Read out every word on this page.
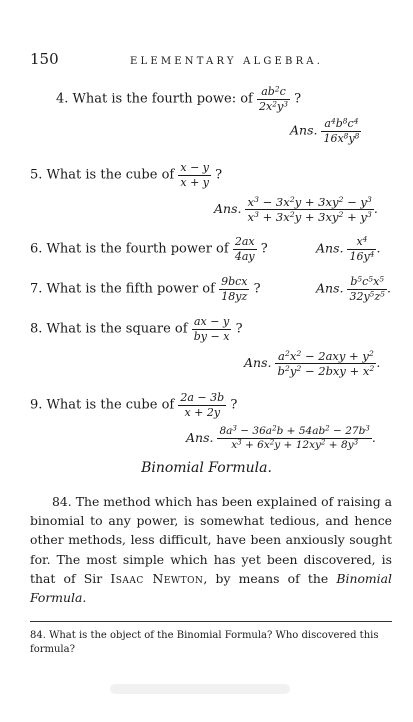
150	ELEMENTARY ALGEBRA.
4. What is the fourth powe: of $\frac{ab^2c}{2x^2y^3}$ ?
Ans. $\frac{a^4b^8c^4}{16x^8y^8}$
5. What is the cube of $\frac{x - y}{x + y}$ ?
Ans. $\frac{x^3 - 3x^2y + 3xy^2 - y^3}{x^3 + 3x^2y + 3xy^2 + y^3}$ .
6. What is the fourth power of $\frac{2ax}{4ay}$ ?	Ans. $\frac{x^4}{16y^4}$ .
7. What is the fifth power of $\frac{\text{9bcx}}{18yz}$ ?	Ans. $\frac{b^5c^5x^5}{32y^5z^5}$ .
8. What is the square of $\frac{ax - y}{by - x}$ ?
Ans. $\frac{a^2x^2 - 2axy + y^2}{b^2y^2 - 2bxy + x^2}$ .
9. What is the cube of $\frac{2a - 3b}{x + 2y}$ ?
Ans. $\frac{8a^3 - 36a^2b + 54ab^2 - 27b^3}{x^3 + 6x^2y + 12xy^2 + 8y^3}$ .
Binomial Formula.
84. The method which has been explained of raising a binomial to any power, is somewhat tedious, and hence other methods, less difficult, have been anxiously sought for. The most simple which has yet been discovered, is that of Sir Isaac Newton, by means of the Binomial Formula.
84. What is the object of the Binomial Formula? Who discovered this formula?
